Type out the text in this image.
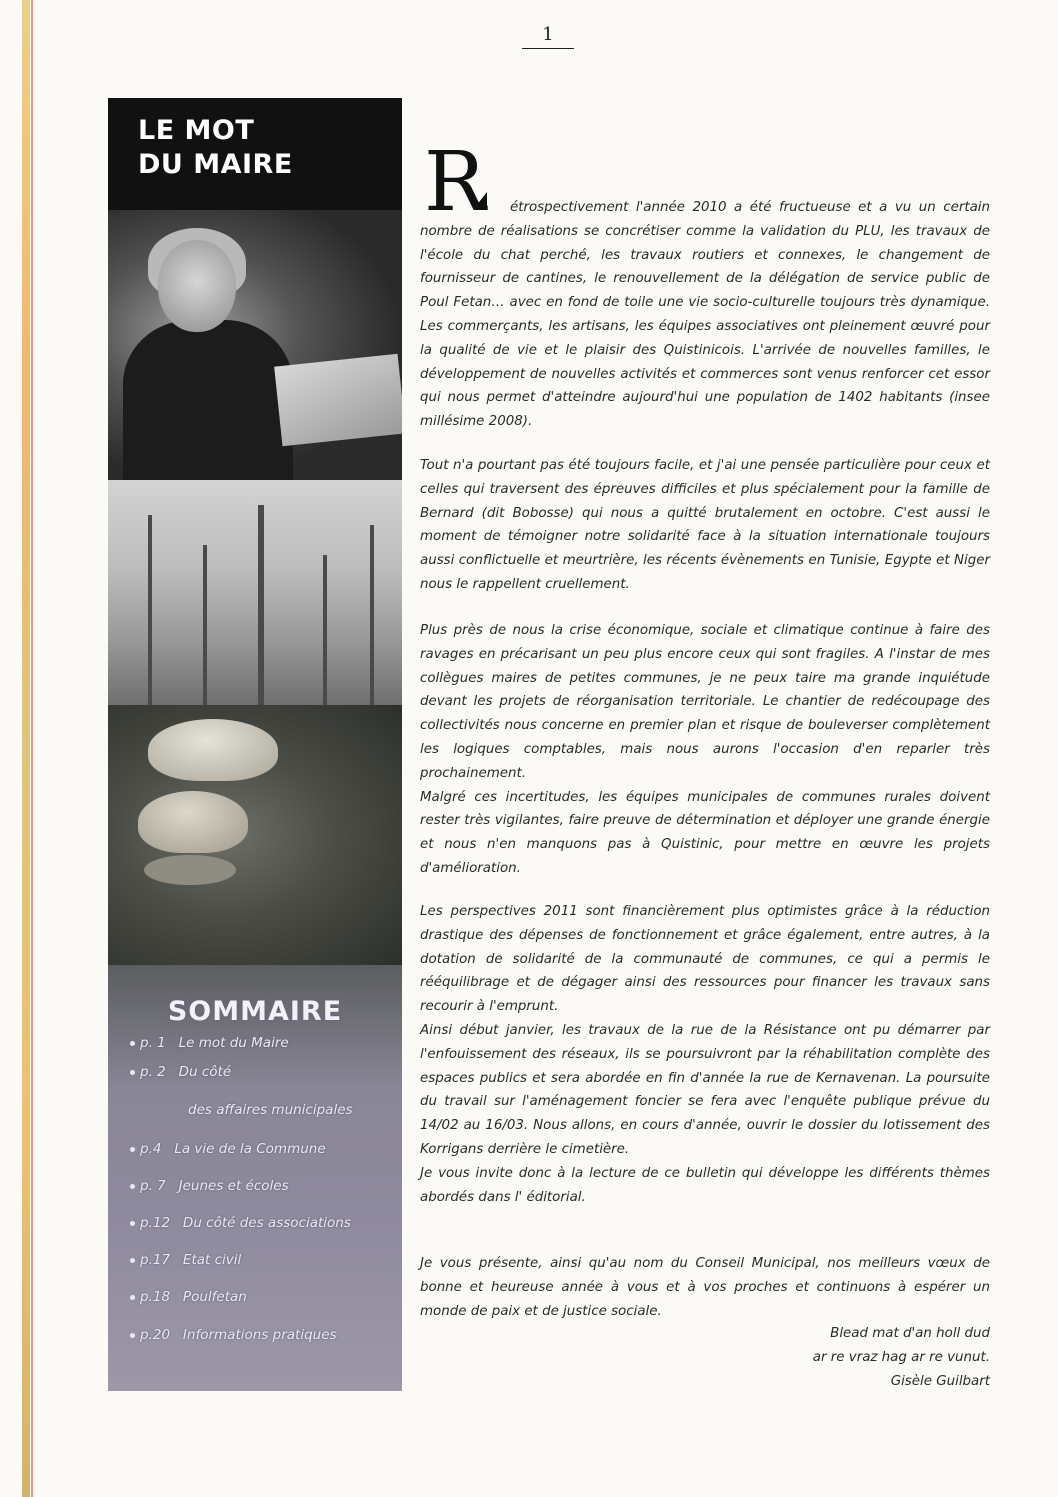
1
LE MOT
DU MAIRE
SOMMAIRE
p. 1 Le mot du Maire
p. 2 Du côté
des affaires municipales
p.4 La vie de la Commune
p. 7 Jeunes et écoles
p.12 Du côté des associations
p.17 Etat civil
p.18 Poulfetan
p.20 Informations pratiques
R	étrospectivement l'année 2010 a été fructueuse et a vu un certain nombre de réalisations se concrétiser comme la validation du PLU, les travaux de l'école du chat perché, les travaux routiers et connexes, le changement de fournisseur de cantines, le renouvellement de la délégation de service public de Poul Fetan… avec en fond de toile une vie socio-culturelle toujours très dynamique. Les commerçants, les artisans, les équipes associatives ont pleinement œuvré pour la qualité de vie et le plaisir des Quistinicois. L'arrivée de nouvelles familles, le développement de nouvelles activités et commerces sont venus renforcer cet essor qui nous permet d'atteindre aujourd'hui une population de 1402 habitants (insee millésime 2008).

Tout n'a pourtant pas été toujours facile, et j'ai une pensée particulière pour ceux et celles qui traversent des épreuves difficiles et plus spécialement pour la famille de Bernard (dit Bobosse) qui nous a quitté brutalement en octobre. C'est aussi le moment de témoigner notre solidarité face à la situation internationale toujours aussi conflictuelle et meurtrière, les récents évènements en Tunisie, Egypte et Niger nous le rappellent cruellement.

Plus près de nous la crise économique, sociale et climatique continue à faire des ravages en précarisant un peu plus encore ceux qui sont fragiles. A l'instar de mes collègues maires de petites communes, je ne peux taire ma grande inquiétude devant les projets de réorganisation territoriale. Le chantier de redécoupage des collectivités nous concerne en premier plan et risque de bouleverser complètement les logiques comptables, mais nous aurons l'occasion d'en reparler très prochainement.

Malgré ces incertitudes, les équipes municipales de communes rurales doivent rester très vigilantes, faire preuve de détermination et déployer une grande énergie et nous n'en manquons pas à Quistinic, pour mettre en œuvre les projets d'amélioration.

Les perspectives 2011 sont financièrement plus optimistes grâce à la réduction drastique des dépenses de fonctionnement et grâce également, entre autres, à la dotation de solidarité de la communauté de communes, ce qui a permis le rééquilibrage et de dégager ainsi des ressources pour financer les travaux sans recourir à l'emprunt.

Ainsi début janvier, les travaux de la rue de la Résistance ont pu démarrer par l'enfouissement des réseaux, ils se poursuivront par la réhabilitation complète des espaces publics et sera abordée en fin d'année la rue de Kernavenan. La poursuite du travail sur l'aménagement foncier se fera avec l'enquête publique prévue du 14/02 au 16/03. Nous allons, en cours d'année, ouvrir le dossier du lotissement des Korrigans derrière le cimetière.

Je vous invite donc à la lecture de ce bulletin qui développe les différents thèmes abordés dans l' éditorial.

Je vous présente, ainsi qu'au nom du Conseil Municipal, nos meilleurs vœux de bonne et heureuse année à vous et à vos proches et continuons à espérer un monde de paix et de justice sociale.

Blead mat d'an holl dud
ar re vraz hag ar re vunut.
Gisèle Guilbart
